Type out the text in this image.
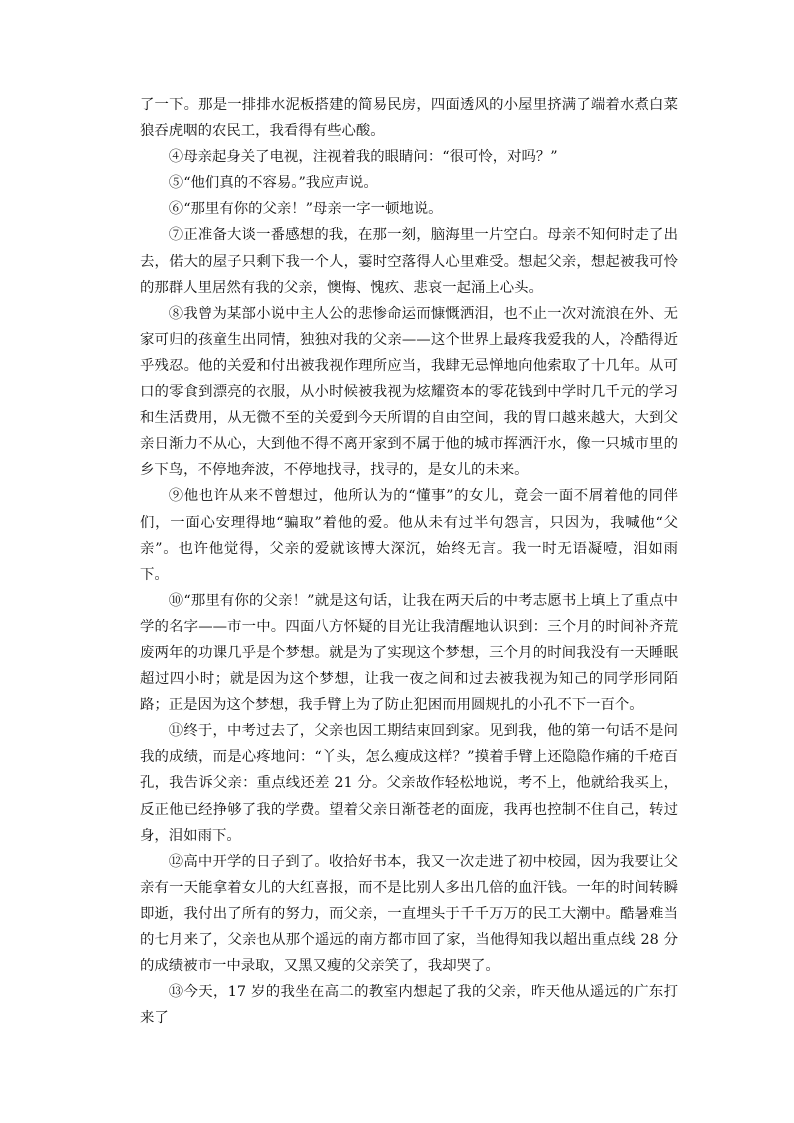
了一下。那是一排排水泥板搭建的简易民房，四面透风的小屋里挤满了端着水煮白菜狼吞虎咽的农民工，我看得有些心酸。

④母亲起身关了电视，注视着我的眼睛问：“很可怜，对吗？”

⑤“他们真的不容易。”我应声说。

⑥“那里有你的父亲！”母亲一字一顿地说。

⑦正准备大谈一番感想的我，在那一刻，脑海里一片空白。母亲不知何时走了出去，偌大的屋子只剩下我一个人，霎时空落得人心里难受。想起父亲，想起被我可怜的那群人里居然有我的父亲，懊悔、愧疚、悲哀一起涌上心头。

⑧我曾为某部小说中主人公的悲惨命运而慷慨洒泪，也不止一次对流浪在外、无家可归的孩童生出同情，独独对我的父亲——这个世界上最疼我爱我的人，冷酷得近乎残忍。他的关爱和付出被我视作理所应当，我肆无忌惮地向他索取了十几年。从可口的零食到漂亮的衣服，从小时候被我视为炫耀资本的零花钱到中学时几千元的学习和生活费用，从无微不至的关爱到今天所谓的自由空间，我的胃口越来越大，大到父亲日渐力不从心，大到他不得不离开家到不属于他的城市挥洒汗水，像一只城市里的乡下鸟，不停地奔波，不停地找寻，找寻的，是女儿的未来。

⑨他也许从来不曾想过，他所认为的“懂事”的女儿，竟会一面不屑着他的同伴们，一面心安理得地“骗取”着他的爱。他从未有过半句怨言，只因为，我喊他“父亲”。也许他觉得，父亲的爱就该博大深沉，始终无言。我一时无语凝噎，泪如雨下。

⑩“那里有你的父亲！”就是这句话，让我在两天后的中考志愿书上填上了重点中学的名字——市一中。四面八方怀疑的目光让我清醒地认识到：三个月的时间补齐荒废两年的功课几乎是个梦想。就是为了实现这个梦想，三个月的时间我没有一天睡眠超过四小时；就是因为这个梦想，让我一夜之间和过去被我视为知己的同学形同陌路；正是因为这个梦想，我手臂上为了防止犯困而用圆规扎的小孔不下一百个。

⑪终于，中考过去了，父亲也因工期结束回到家。见到我，他的第一句话不是问我的成绩，而是心疼地问：“丫头，怎么瘦成这样？”摸着手臂上还隐隐作痛的千疮百孔，我告诉父亲：重点线还差 21 分。父亲故作轻松地说，考不上，他就给我买上，反正他已经挣够了我的学费。望着父亲日渐苍老的面庞，我再也控制不住自己，转过身，泪如雨下。

⑫高中开学的日子到了。收拾好书本，我又一次走进了初中校园，因为我要让父亲有一天能拿着女儿的大红喜报，而不是比别人多出几倍的血汗钱。一年的时间转瞬即逝，我付出了所有的努力，而父亲，一直埋头于千千万万的民工大潮中。酷暑难当的七月来了，父亲也从那个遥远的南方都市回了家，当他得知我以超出重点线 28 分的成绩被市一中录取，又黑又瘦的父亲笑了，我却哭了。

⑬今天，17 岁的我坐在高二的教室内想起了我的父亲，昨天他从遥远的广东打来了
